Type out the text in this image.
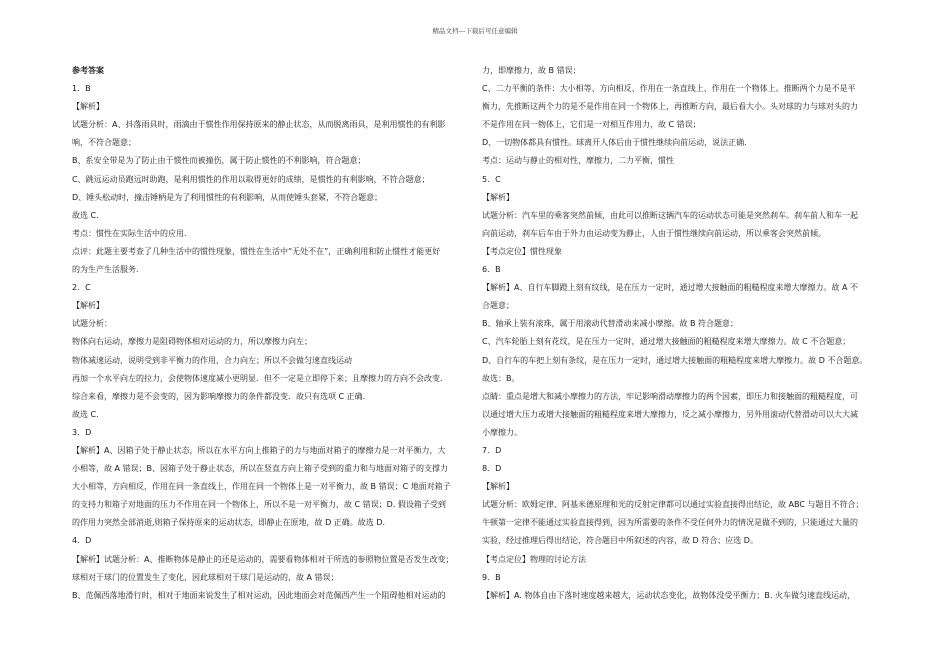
精品文档---下载后可任意编辑
参考答案
1．B
【解析】
试题分析：A、抖落雨具时，雨滴由于惯性作用保持原来的静止状态，从而脱离雨具，是利用惯性的有利影
响，不符合题意；
B、系安全带是为了防止由于惯性而被撞伤，属于防止惯性的不利影响，符合题意；
C、跳远运动员跑远时助跑，是利用惯性的作用以取得更好的成绩，是惯性的有利影响，不符合题意；
D、锤头松动时，撞击锤柄是为了利用惯性的有利影响，从而使锤头套紧，不符合题意；
故选 C.
考点：惯性在实际生活中的应用.
点评：此题主要考查了几种生活中的惯性现象，惯性在生活中“无处不在”，正确利用和防止惯性才能更好
的为生产生活服务.
2．C
【解析】
试题分析：
物体向右运动，摩擦力是阻碍物体相对运动的力，所以摩擦力向左；
物体减速运动，说明受到非平衡力的作用，合力向左；所以不会做匀速直线运动
再加一个水平向左的拉力，会使物体速度减小更明显．但不一定是立即停下来；且摩擦力的方向不会改变．
综合来看，摩擦力是不会变的，因为影响摩擦力的条件都没变．故只有选项 C 正确.
故选 C.
3．D
【解析】A、因箱子处于静止状态，所以在水平方向上推箱子的力与地面对箱子的摩擦力是一对平衡力，大
小相等，故 A 错误；B、因箱子处于静止状态，所以在竖直方向上箱子受到的重力和与地面对箱子的支撑力
大小相等，方向相反，作用在同一条直线上，作用在同一个物体上是一对平衡力，故 B 错误；C 地面对箱子
的支持力和箱子对地面的压力不作用在同一个物体上，所以不是一对平衡力，故 C 错误；D. 假设箱子受到
的作用力突然全部消逝,则箱子保持原来的运动状态，即静止在原地，故 D 正确。故选 D.
4．D
【解析】试题分析：A、推断物体是静止的还是运动的，需要看物体相对于所选的参照物位置是否发生改变；
球相对于球门的位置发生了变化，因此球相对于球门是运动的，故 A 错误；
B、范佩西落地滑行时，相对于地面来说发生了相对运动，因此地面会对范佩西产生一个阻碍他相对运动的
力，即摩擦力，故 B 错误；
C、二力平衡的条件：大小相等、方向相反、作用在一条直线上、作用在一个物体上。推断两个力是不是平
衡力，先推断这两个力的是不是作用在同一个物体上，再推断方向，最后看大小。头对球的力与球对头的力
不是作用在同一物体上，它们是一对相互作用力，故 C 错误；
D、一切物体都具有惯性。球离开人体后由于惯性继续向前运动，说法正确.
考点：运动与静止的相对性，摩擦力，二力平衡，惯性
5．C
【解析】
试题分析：汽车里的乘客突然前倾，由此可以推断这辆汽车的运动状态可能是突然刹车。刹车前人和车一起
向前运动，刹车后车由于外力由运动变为静止，人由于惯性继续向前运动，所以乘客会突然前倾。
【考点定位】惯性现象
6．B
【解析】A、自行车脚蹬上刻有纹线，是在压力一定时，通过增大接触面的粗糙程度来增大摩擦力。故 A 不
合题意；
B、轴承上装有滚珠，属于用滚动代替滑动来减小摩擦。故 B 符合题意；
C、汽车轮胎上刻有花纹，是在压力一定时，通过增大接触面的粗糙程度来增大摩擦力。故 C 不合题意；
D、自行车的车把上刻有条纹，是在压力一定时，通过增大接触面的粗糙程度来增大摩擦力。故 D 不合题意。
故选：B。
点睛：重点是增大和减小摩擦力的方法，牢记影响滑动摩擦力的两个因素，即压力和接触面的粗糙程度，可
以通过增大压力或增大接触面的粗糙程度来增大摩擦力，反之减小摩擦力，另外用滚动代替滑动可以大大减
小摩擦力。
7．D
8．D
【解析】
试题分析：欧姆定律、阿基米德原理和光的反射定律都可以通过实验直接得出结论，故 ABC 与题目不符合；
牛顿第一定律不能通过实验直接得到，因为所需要的条件不受任何外力的情况是做不到的，只能通过大量的
实验，经过推理后得出结论，符合题目中所叙述的内容，故 D 符合；应选 D。
【考点定位】物理的讨论方法
9．B
【解析】A. 物体自由下落时速度越来越大，运动状态变化，故物体没受平衡力；B. 火车做匀速直线运动，
